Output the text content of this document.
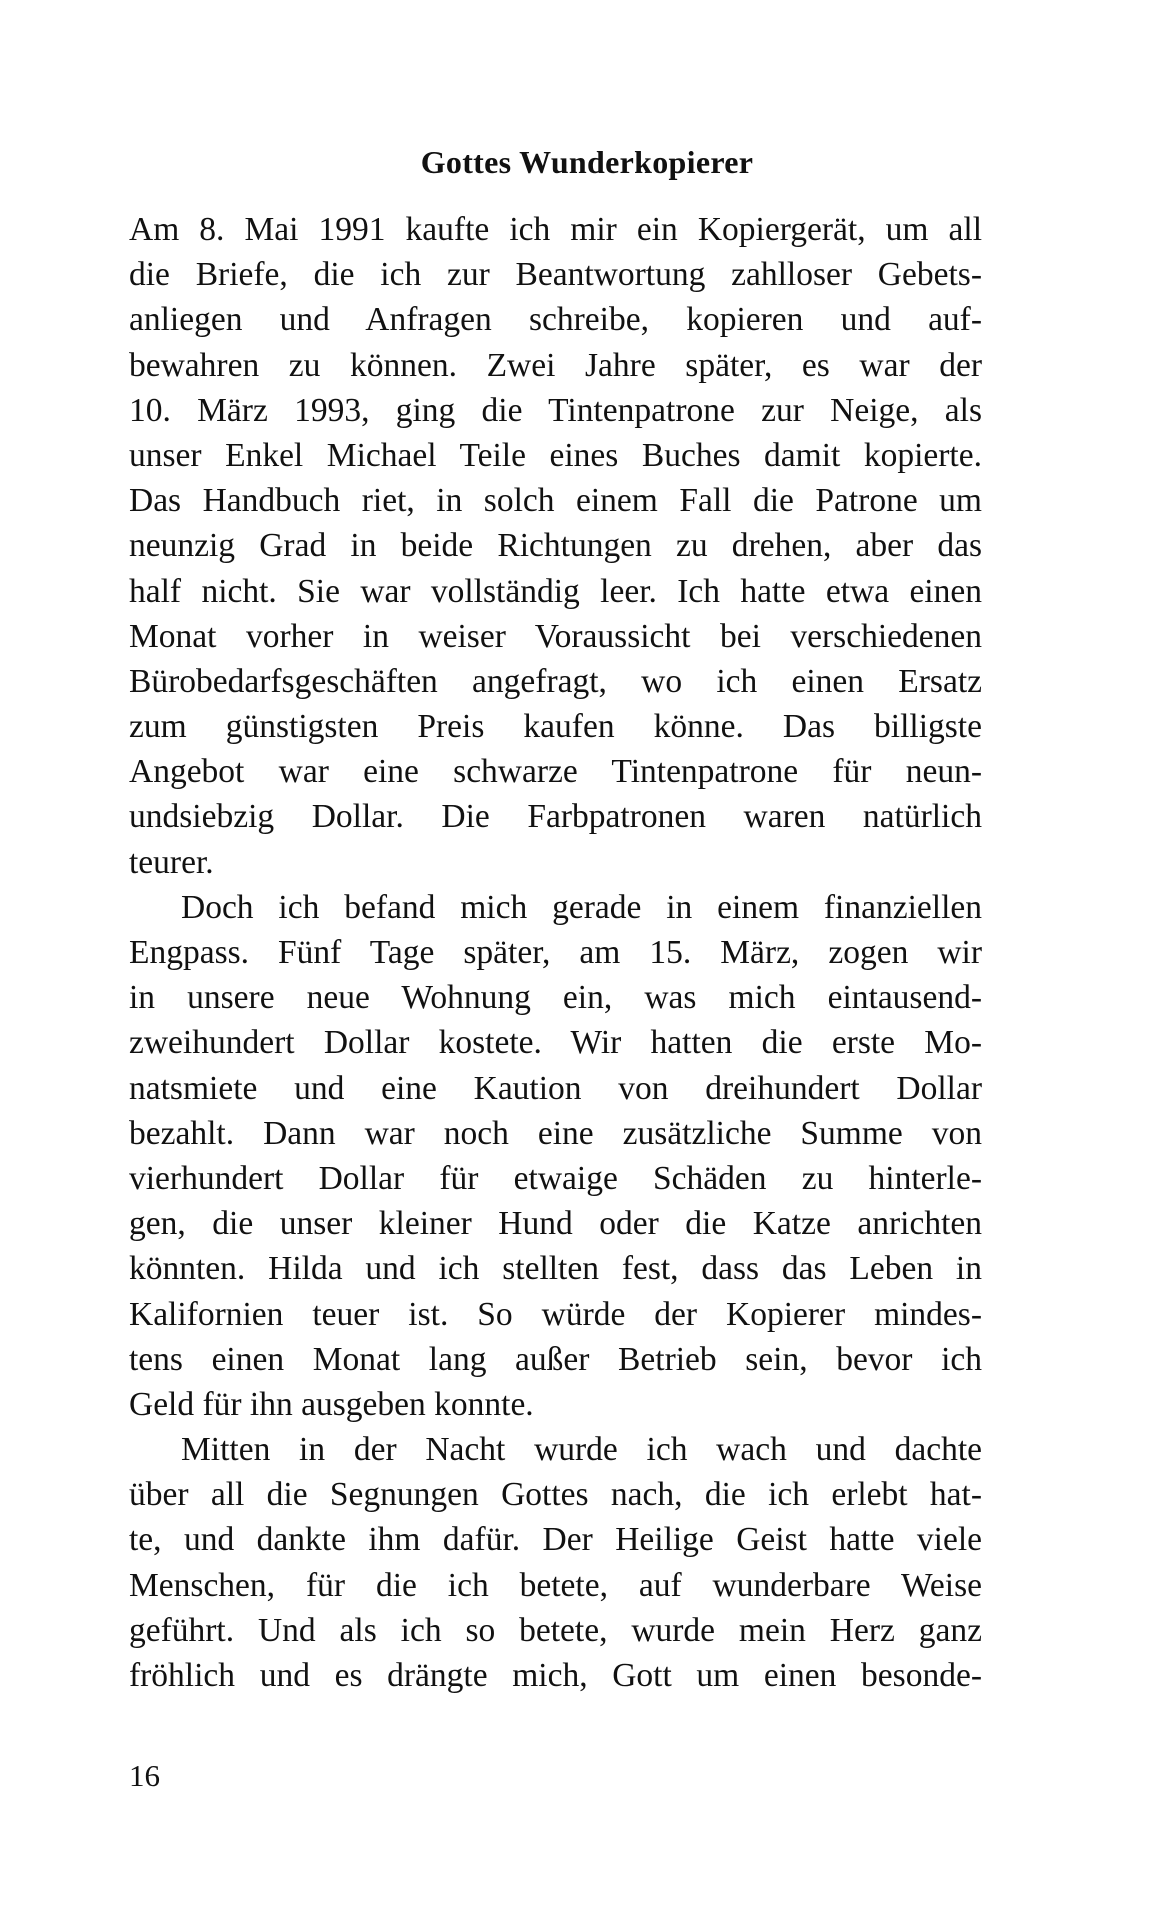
Gottes Wunderkopierer
Am 8. Mai 1991 kaufte ich mir ein Kopiergerät, um all
die Briefe, die ich zur Beantwortung zahlloser Gebets-
anliegen und Anfragen schreibe, kopieren und auf-
bewahren zu können. Zwei Jahre später, es war der
10. März 1993, ging die Tintenpatrone zur Neige, als
unser Enkel Michael Teile eines Buches damit kopierte.
Das Handbuch riet, in solch einem Fall die Patrone um
neunzig Grad in beide Richtungen zu drehen, aber das
half nicht. Sie war vollständig leer. Ich hatte etwa einen
Monat vorher in weiser Voraussicht bei verschiedenen
Bürobedarfsgeschäften angefragt, wo ich einen Ersatz
zum günstigsten Preis kaufen könne. Das billigste
Angebot war eine schwarze Tintenpatrone für neun-
undsiebzig Dollar. Die Farbpatronen waren natürlich
teurer.
Doch ich befand mich gerade in einem finanziellen
Engpass. Fünf Tage später, am 15. März, zogen wir
in unsere neue Wohnung ein, was mich eintausend-
zweihundert Dollar kostete. Wir hatten die erste Mo-
natsmiete und eine Kaution von dreihundert Dollar
bezahlt. Dann war noch eine zusätzliche Summe von
vierhundert Dollar für etwaige Schäden zu hinterle-
gen, die unser kleiner Hund oder die Katze anrichten
könnten. Hilda und ich stellten fest, dass das Leben in
Kalifornien teuer ist. So würde der Kopierer mindes-
tens einen Monat lang außer Betrieb sein, bevor ich
Geld für ihn ausgeben konnte.
Mitten in der Nacht wurde ich wach und dachte
über all die Segnungen Gottes nach, die ich erlebt hat-
te, und dankte ihm dafür. Der Heilige Geist hatte viele
Menschen, für die ich betete, auf wunderbare Weise
geführt. Und als ich so betete, wurde mein Herz ganz
fröhlich und es drängte mich, Gott um einen besonde-
16
